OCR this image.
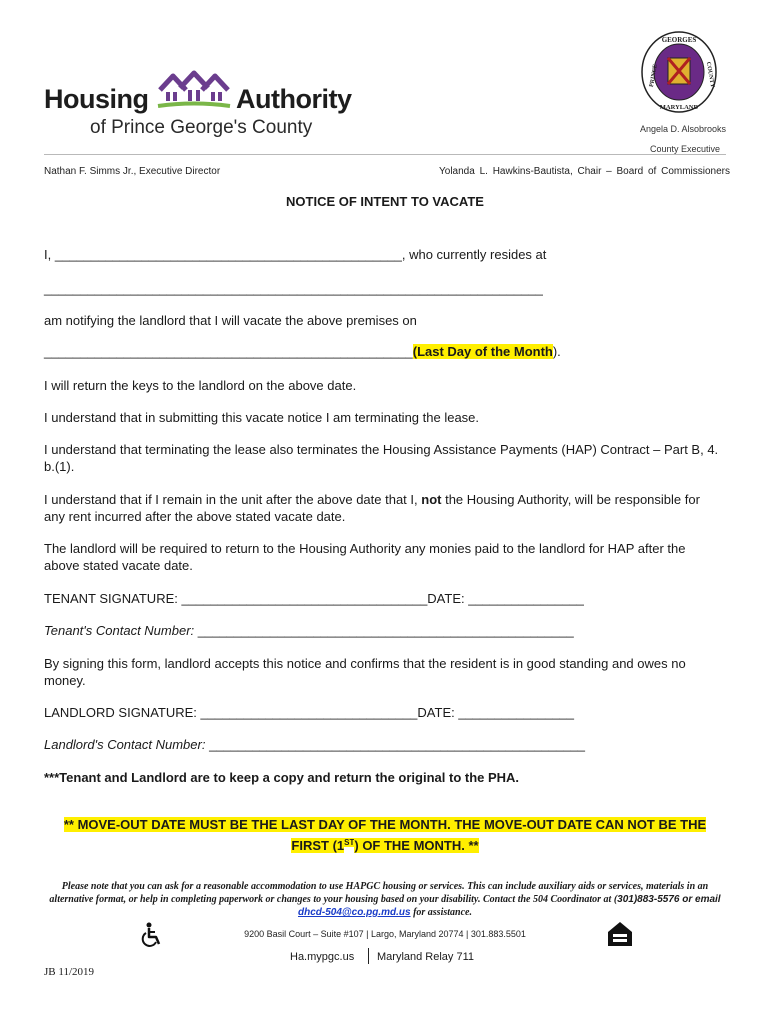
Housing	Authority
of Prince George's County
GEORGES
PRINCE	COUNTY
MARYLAND
Angela D. Alsobrooks
County Executive
Nathan F. Simms Jr., Executive Director	Yolanda L. Hawkins-Bautista, Chair – Board of Commissioners
NOTICE OF INTENT TO VACATE
I, ________________________________________________, who currently resides at
_____________________________________________________________________
am notifying the landlord that I will vacate the above premises on
___________________________________________________(Last Day of the Month).
I will return the keys to the landlord on the above date.
I understand that in submitting this vacate notice I am terminating the lease.
I understand that terminating the lease also terminates the Housing Assistance Payments (HAP) Contract – Part B, 4. b.(1).
I understand that if I remain in the unit after the above date that I, not the Housing Authority, will be responsible for any rent incurred after the above stated vacate date.
The landlord will be required to return to the Housing Authority any monies paid to the landlord for HAP after the above stated vacate date.
TENANT SIGNATURE: __________________________________DATE: ________________
Tenant's Contact Number: ____________________________________________________
By signing this form, landlord accepts this notice and confirms that the resident is in good standing and owes no money.
LANDLORD SIGNATURE: ______________________________DATE: ________________
Landlord's Contact Number: ____________________________________________________
***Tenant and Landlord are to keep a copy and return the original to the PHA.
** MOVE-OUT DATE MUST BE THE LAST DAY OF THE MONTH. THE MOVE-OUT DATE CAN NOT BE THE FIRST (1ST) OF THE MONTH. **
Please note that you can ask for a reasonable accommodation to use HAPGC housing or services. This can include auxiliary aids or services, materials in an alternative format, or help in completing paperwork or changes to your housing based on your disability. Contact the 504 Coordinator at (301)883-5576 or email dhcd-504@co.pg.md.us for assistance.
9200 Basil Court – Suite #107 | Largo, Maryland 20774 | 301.883.5501
Ha.mypgc.us Maryland Relay 711
JB 11/2019
